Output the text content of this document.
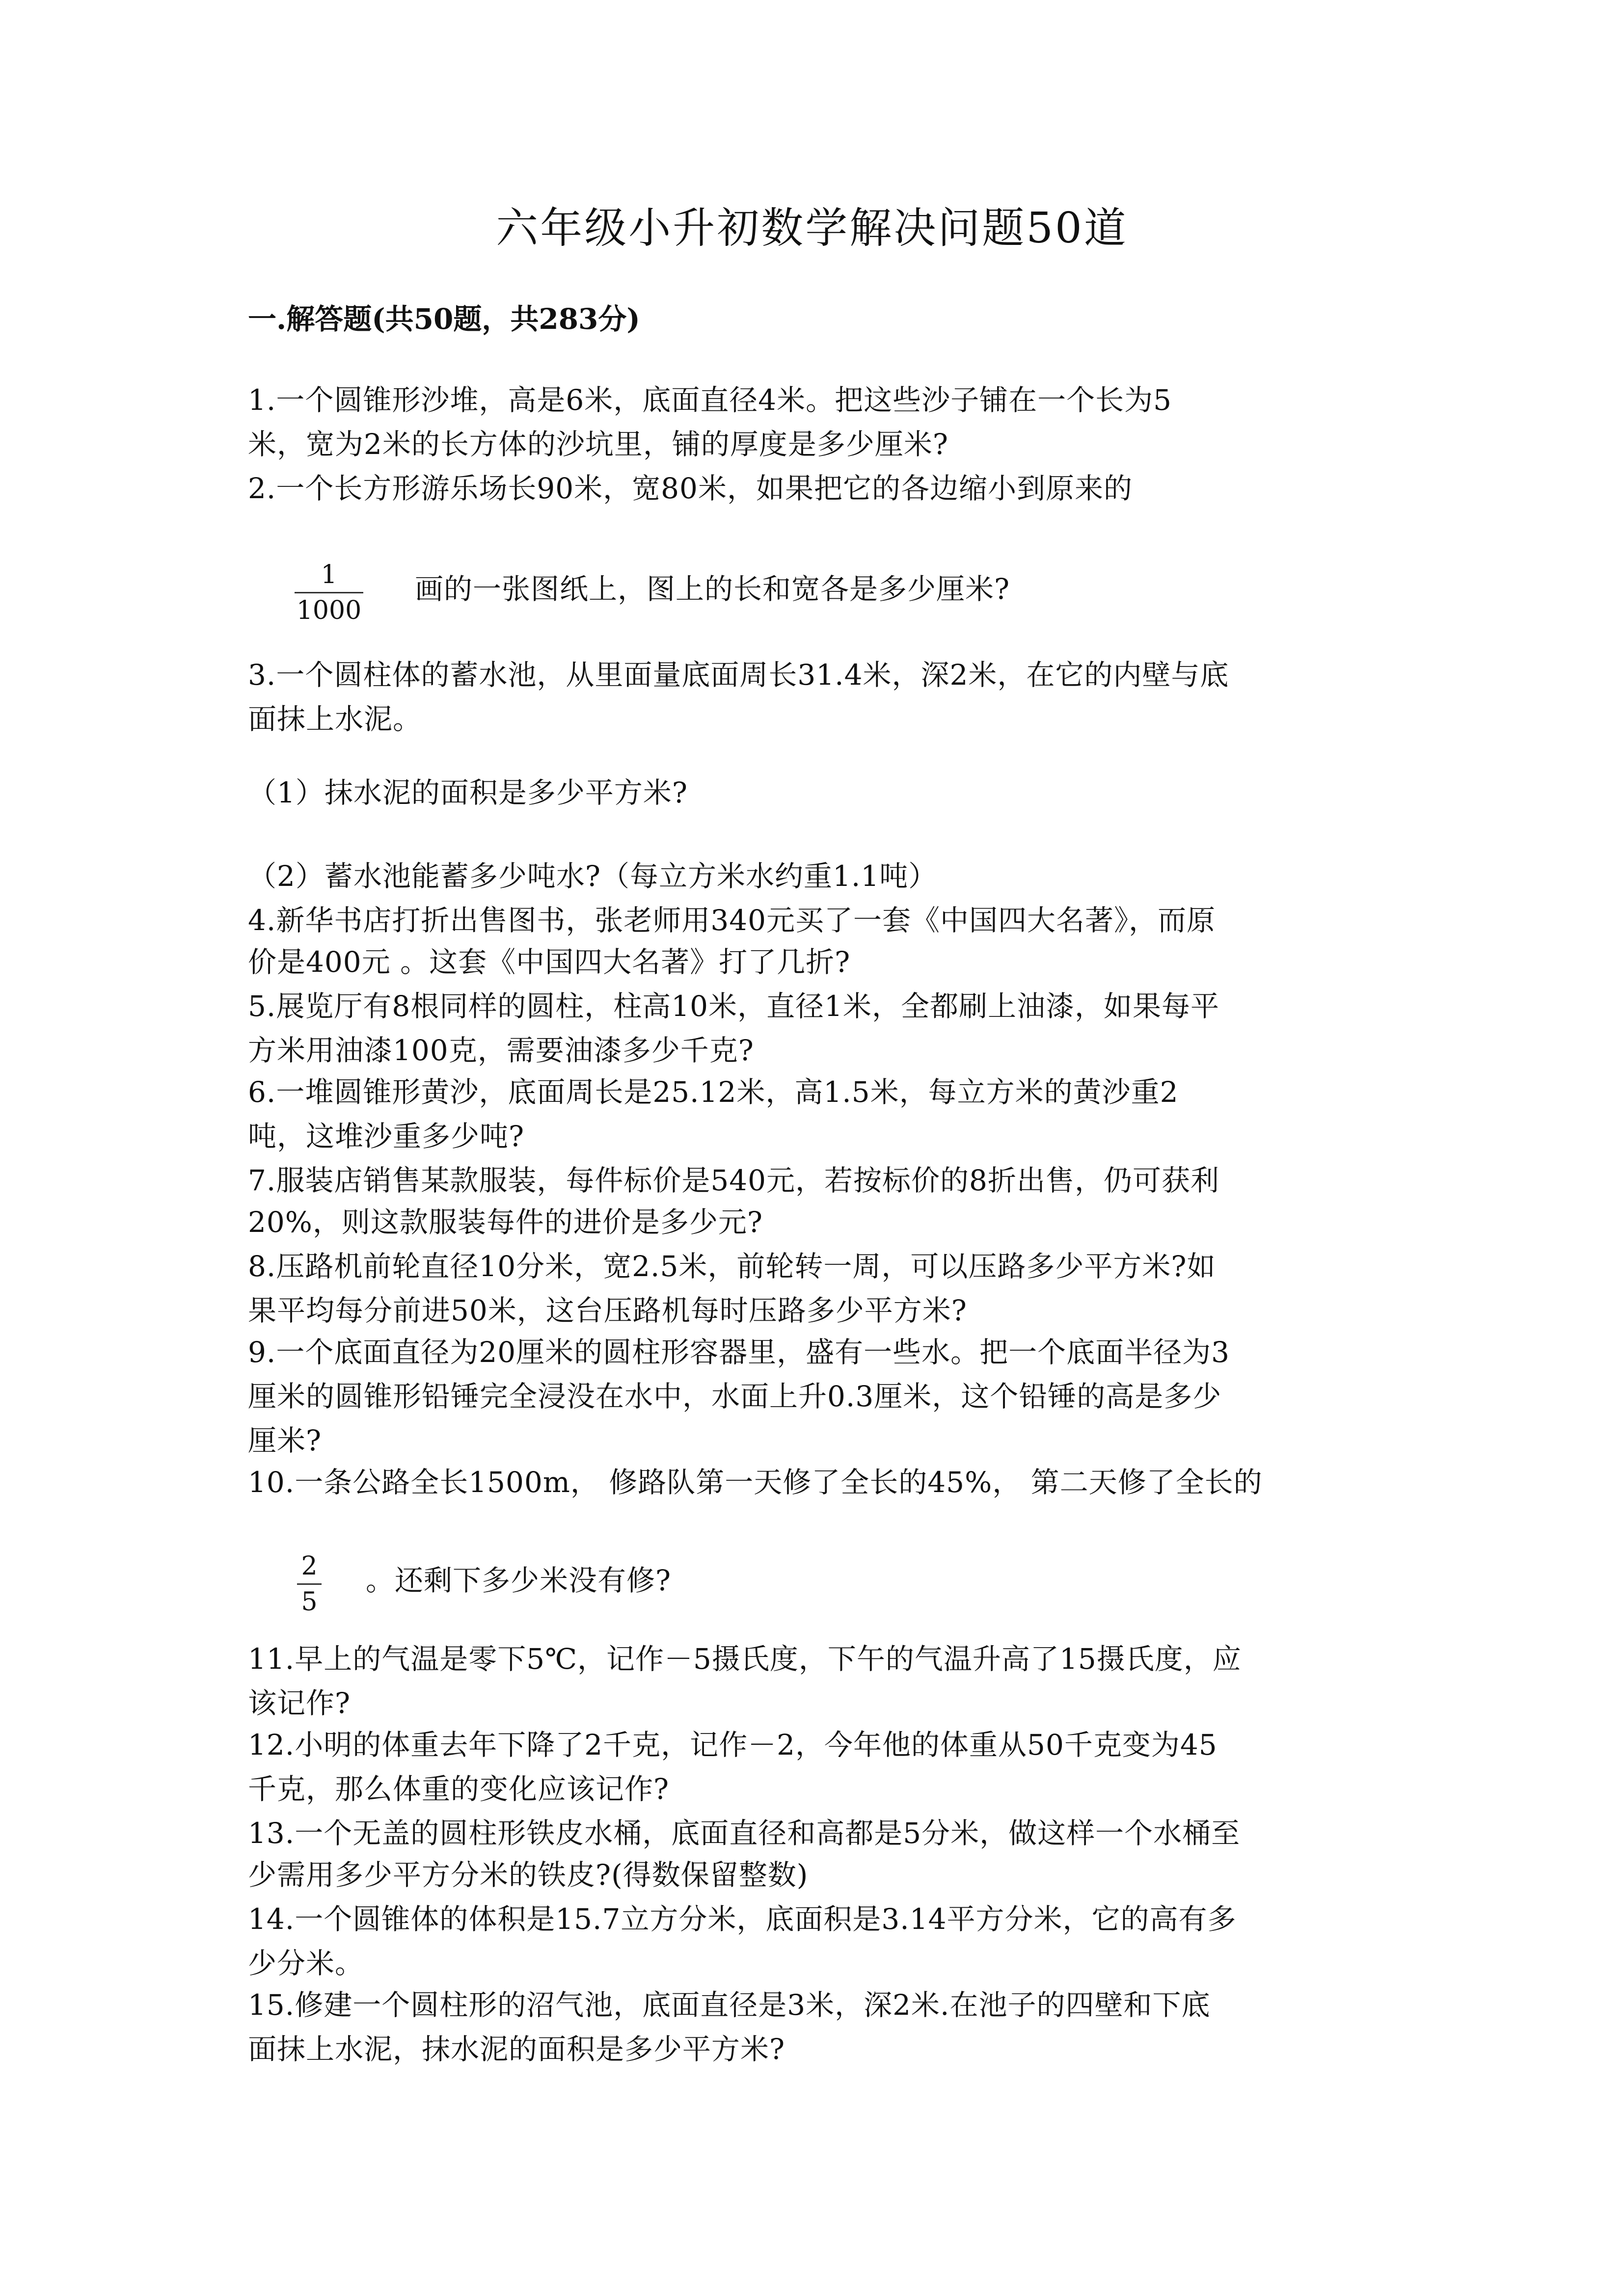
六年级小升初数学解决问题50道
一.解答题(共50题，共283分)
1.一个圆锥形沙堆，高是6米，底面直径4米。把这些沙子铺在一个长为5
米，宽为2米的长方体的沙坑里，铺的厚度是多少厘米?
2.一个长方形游乐场长90米，宽80米，如果把它的各边缩小到原来的
1
1000
画的一张图纸上，图上的长和宽各是多少厘米?
3.一个圆柱体的蓄水池，从里面量底面周长31.4米，深2米，在它的内壁与底
面抹上水泥。
（1）抹水泥的面积是多少平方米?
（2）蓄水池能蓄多少吨水?（每立方米水约重1.1吨）
4.新华书店打折出售图书，张老师用340元买了一套《中国四大名著》，而原
价是400元 。这套《中国四大名著》打了几折?
5.展览厅有8根同样的圆柱，柱高10米，直径1米，全都刷上油漆，如果每平
方米用油漆100克，需要油漆多少千克?
6.一堆圆锥形黄沙，底面周长是25.12米，高1.5米，每立方米的黄沙重2
吨，这堆沙重多少吨?
7.服装店销售某款服装，每件标价是540元，若按标价的8折出售，仍可获利
20%，则这款服装每件的进价是多少元?
8.压路机前轮直径10分米，宽2.5米，前轮转一周，可以压路多少平方米?如
果平均每分前进50米，这台压路机每时压路多少平方米?
9.一个底面直径为20厘米的圆柱形容器里，盛有一些水。把一个底面半径为3
厘米的圆锥形铅锤完全浸没在水中，水面上升0.3厘米，这个铅锤的高是多少
厘米?
10.一条公路全长1500m， 修路队第一天修了全长的45%， 第二天修了全长的
2
5
。还剩下多少米没有修?
11.早上的气温是零下5℃，记作－5摄氏度，下午的气温升高了15摄氏度，应
该记作?
12.小明的体重去年下降了2千克，记作－2，今年他的体重从50千克变为45
千克，那么体重的变化应该记作?
13.一个无盖的圆柱形铁皮水桶，底面直径和高都是5分米，做这样一个水桶至
少需用多少平方分米的铁皮?(得数保留整数)
14.一个圆锥体的体积是15.7立方分米，底面积是3.14平方分米，它的高有多
少分米。
15.修建一个圆柱形的沼气池，底面直径是3米，深2米.在池子的四壁和下底
面抹上水泥，抹水泥的面积是多少平方米?
